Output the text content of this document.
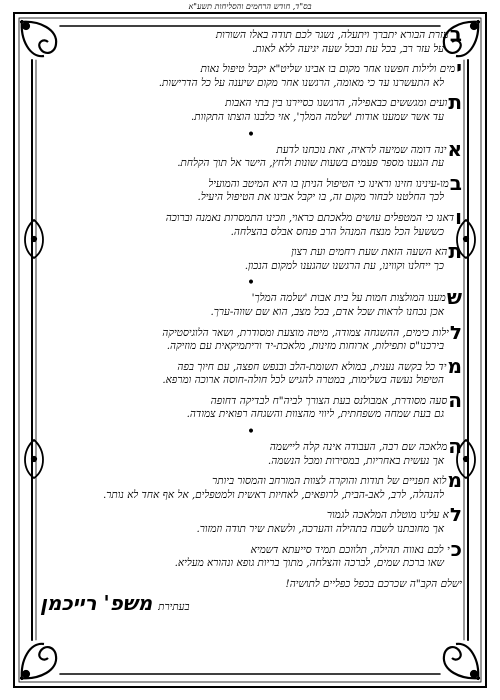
בס"ד, חודש הרחמים והסליחות תשע"א
בעזרת הבורא יתברך ויתעלה, נשגר לכם תודה באלו השורות
על עזר רב, בכל עת ובכל שעה יגיעה ללא לאות.
ימים ולילות חפשנו אחר מקום בו אבינו שליט"א יקבל טיפול נאות
לא התעשרנו עד כי מאומה, הרגשנו אחר מקום שיענה על כל הדרישות.
תועים ומגששים כבאפילה, הרגשנו כסיירנו בין בתי האבות
עד אשר שמענו אודות 'שלמה המלך', אזי כלבנו הוצתו התקוות.
•
אינה דומה שמיעה לראיה, זאת נוכחנו לדעת
עת הגענו מספר פעמים בשעות שונות ולחץ, הישר אל תוך הקלחת.
במו-עינינו חזינו וראינו כי הטיפול הניתן בו היא המיטב והמועיל
לכך החלטנו לבחור מקום זה, בו יקבל אבינו את הטיפול היעיל.
ודאנו כי המטפלים עושים מלאכתם כראוי, וזכינו התמסרות נאמנה וברוכה
כששעל הכל מנצח המנהל הרב פנחס אבלס בהצלחה.
תהא השעה הזאת שעת רחמים ועת רצון
כך ייחלנו וקווינו, עת הרגשנו שהגענו למקום הנכון.
•
שמענו המולצות חמות על בית אבות 'שלמה המלך'
אכן נכחנו לראות שכל אדם, בכל מצב, הוא שם שווה-ערך.
לילות כימים, ההשגחה צמודה, מיטה מוצעת ומסודרת, ושאר הלוגיסטיקה
בירכנו"ס ותפילות, ארוחות מזינות, מלאכת-יד וריתמיקאית עם מוזיקה.
מיד כל בקשה נענית, במולא תשומת-הלב ובנפש חפצה, עם חיוך בפה
הטיפול נעשה בשלימות, במטרה להגיש לכל חולה-חוסה ארוכה ומרפא.
הסעה מסודרת, אמבולנס בעת הצורך לביה"ח לבדיקה דחופה
גם בעת שמחה משפחתית, ליווי מהצוות והשגחה רפואית צמודה.
•
המלאכה שם רבה, העבודה אינה קלה ליישמה
אך נעשית באחריות, במסירות ומכל הנשמה.
מלוא חפניים של תודות והוקרה לצוות המורחב והמסור ביותר
להנהלה, לרב, לאב-הבית, לרופאים, לאחיות ראשית ולמטפלים, אל אף אחד לא נותר.
לא עלינו מוטלת המלאכה לגמור
אך מחובתנו לשבח בתהילה והערכה, ולשאת שיר תודה וזמזור.
כי לכם נאווה תהילה, תלווכם תמיד סייעתא דשמיא
שאו ברכת שמים, לברכה והצלחה, מתוך בריות גופא ונהורא מעליא.
ישלם הקב"ה שכרכם בכפל כפליים לתושיה!
בעתירת
משפ' רייכמן
